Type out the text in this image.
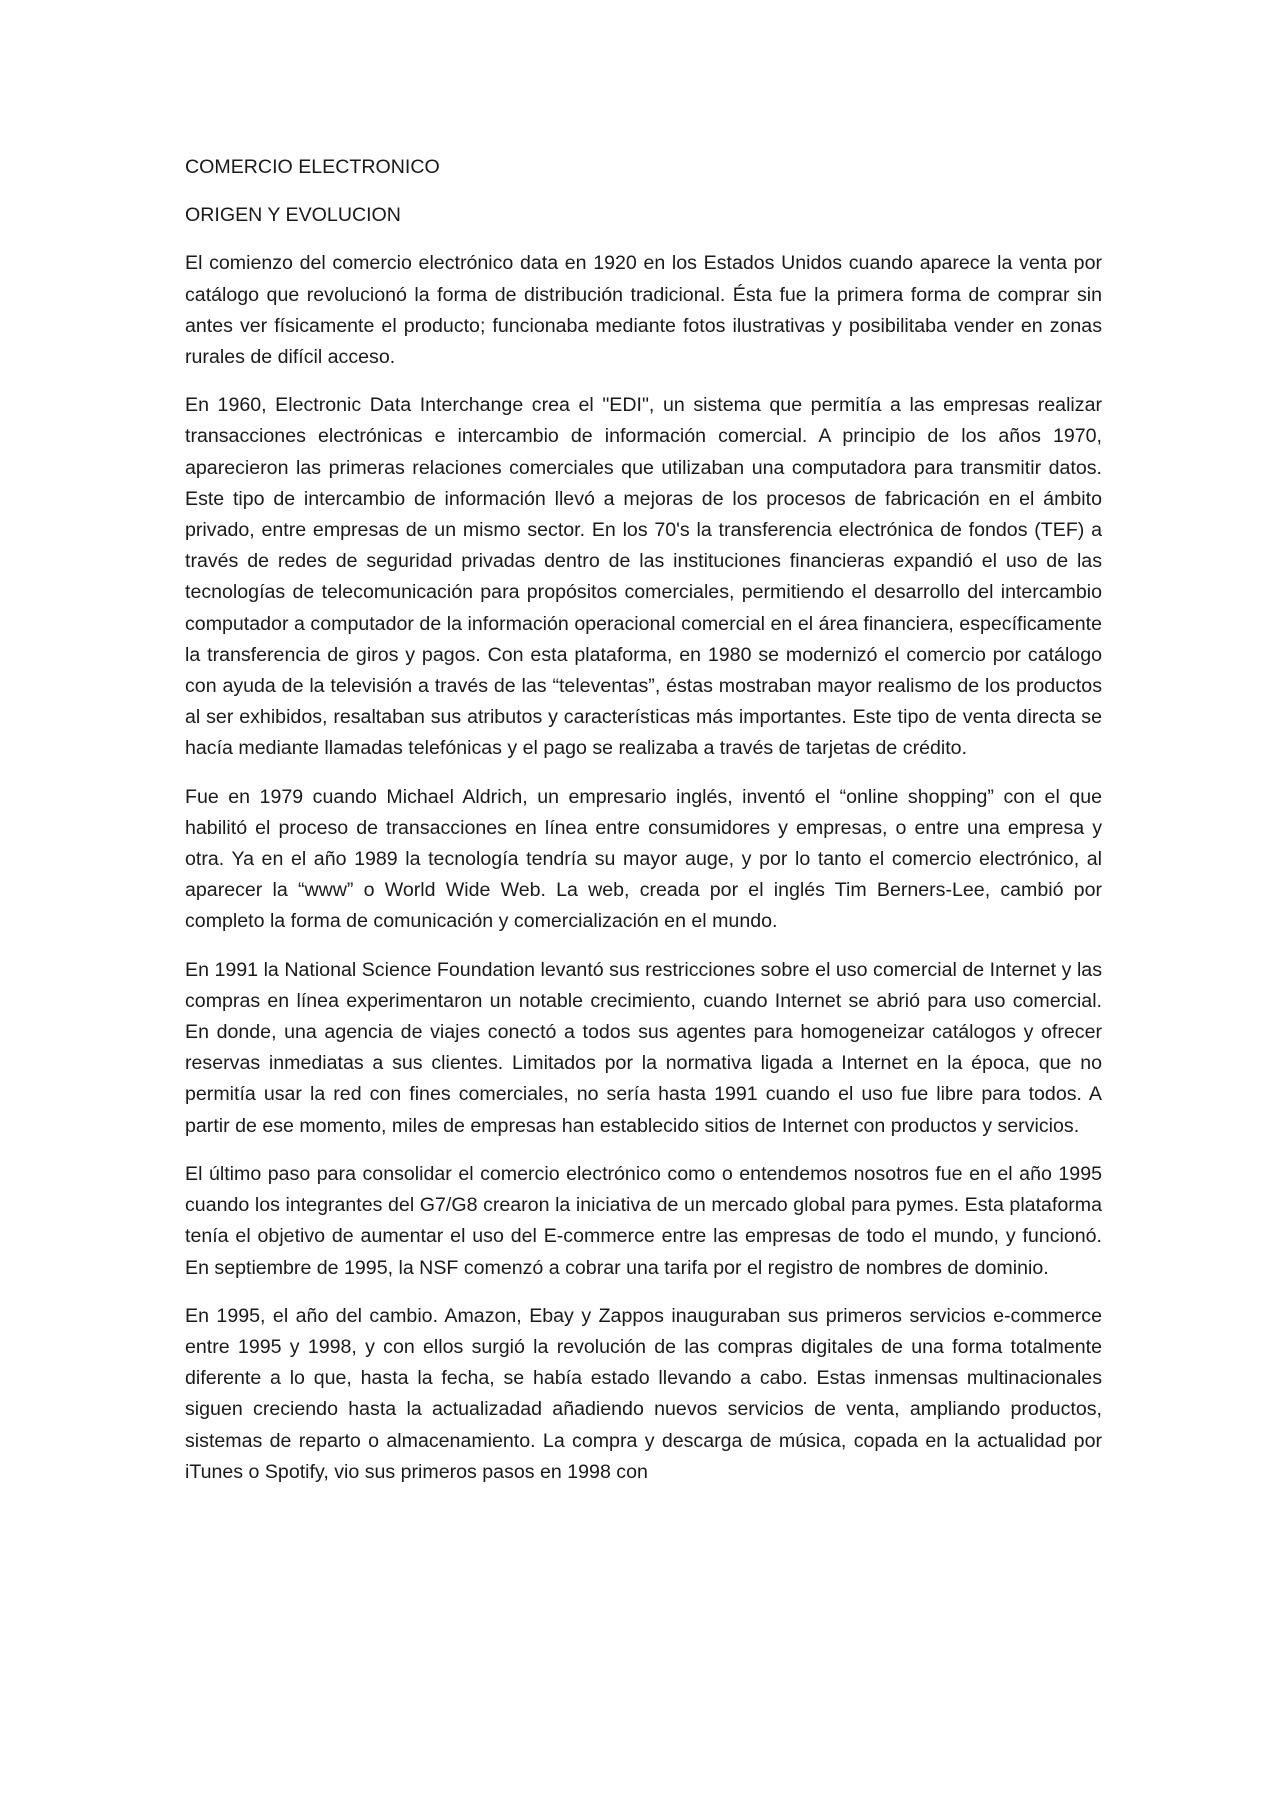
COMERCIO ELECTRONICO

ORIGEN Y EVOLUCION

El comienzo del comercio electrónico data en 1920 en los Estados Unidos cuando aparece la venta por catálogo que revolucionó la forma de distribución tradicional. Ésta fue la primera forma de comprar sin antes ver físicamente el producto; funcionaba mediante fotos ilustrativas y posibilitaba vender en zonas rurales de difícil acceso.

En 1960, Electronic Data Interchange crea el "EDI", un sistema que permitía a las empresas realizar transacciones electrónicas e intercambio de información comercial. A principio de los años 1970, aparecieron las primeras relaciones comerciales que utilizaban una computadora para transmitir datos. Este tipo de intercambio de información llevó a mejoras de los procesos de fabricación en el ámbito privado, entre empresas de un mismo sector. En los 70's la transferencia electrónica de fondos (TEF) a través de redes de seguridad privadas dentro de las instituciones financieras expandió el uso de las tecnologías de telecomunicación para propósitos comerciales, permitiendo el desarrollo del intercambio computador a computador de la información operacional comercial en el área financiera, específicamente la transferencia de giros y pagos. Con esta plataforma, en 1980 se modernizó el comercio por catálogo con ayuda de la televisión a través de las “televentas”, éstas mostraban mayor realismo de los productos al ser exhibidos, resaltaban sus atributos y características más importantes. Este tipo de venta directa se hacía mediante llamadas telefónicas y el pago se realizaba a través de tarjetas de crédito.

Fue en 1979 cuando Michael Aldrich, un empresario inglés, inventó el “online shopping” con el que habilitó el proceso de transacciones en línea entre consumidores y empresas, o entre una empresa y otra. Ya en el año 1989 la tecnología tendría su mayor auge, y por lo tanto el comercio electrónico, al aparecer la “www” o World Wide Web. La web, creada por el inglés Tim Berners-Lee, cambió por completo la forma de comunicación y comercialización en el mundo.

En 1991 la National Science Foundation levantó sus restricciones sobre el uso comercial de Internet y las compras en línea experimentaron un notable crecimiento, cuando Internet se abrió para uso comercial. En donde, una agencia de viajes conectó a todos sus agentes para homogeneizar catálogos y ofrecer reservas inmediatas a sus clientes. Limitados por la normativa ligada a Internet en la época, que no permitía usar la red con fines comerciales, no sería hasta 1991 cuando el uso fue libre para todos. A partir de ese momento, miles de empresas han establecido sitios de Internet con productos y servicios.

El último paso para consolidar el comercio electrónico como o entendemos nosotros fue en el año 1995 cuando los integrantes del G7/G8 crearon la iniciativa de un mercado global para pymes. Esta plataforma tenía el objetivo de aumentar el uso del E-commerce entre las empresas de todo el mundo, y funcionó. En septiembre de 1995, la NSF comenzó a cobrar una tarifa por el registro de nombres de dominio.

En 1995, el año del cambio. Amazon, Ebay y Zappos inauguraban sus primeros servicios e-commerce entre 1995 y 1998, y con ellos surgió la revolución de las compras digitales de una forma totalmente diferente a lo que, hasta la fecha, se había estado llevando a cabo. Estas inmensas multinacionales siguen creciendo hasta la actualizadad añadiendo nuevos servicios de venta, ampliando productos, sistemas de reparto o almacenamiento. La compra y descarga de música, copada en la actualidad por iTunes o Spotify, vio sus primeros pasos en 1998 con
